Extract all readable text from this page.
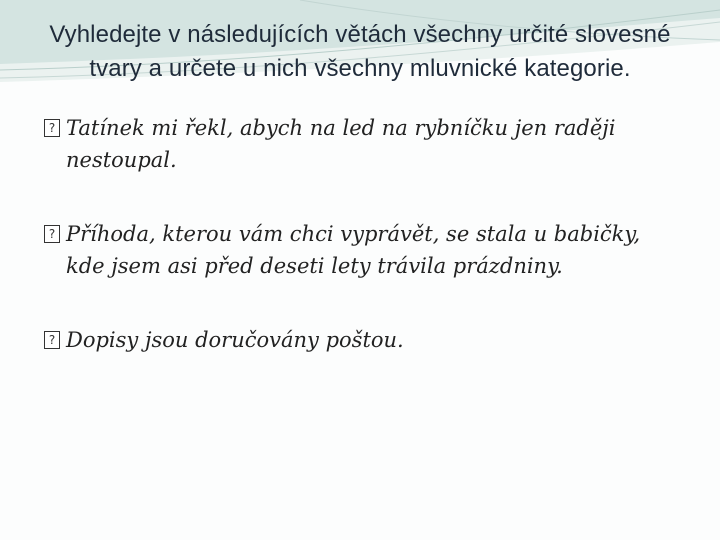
Vyhledejte v následujících větách všechny určité slovesné
tvary a určete u nich všechny mluvnické kategorie.
? Tatínek mi řekl, abych na led na rybníčku jen raději
nestoupal.
? Příhoda, kterou vám chci vyprávět, se stala u babičky,
kde jsem asi před deseti lety trávila prázdniny.
? Dopisy jsou doručovány poštou.
